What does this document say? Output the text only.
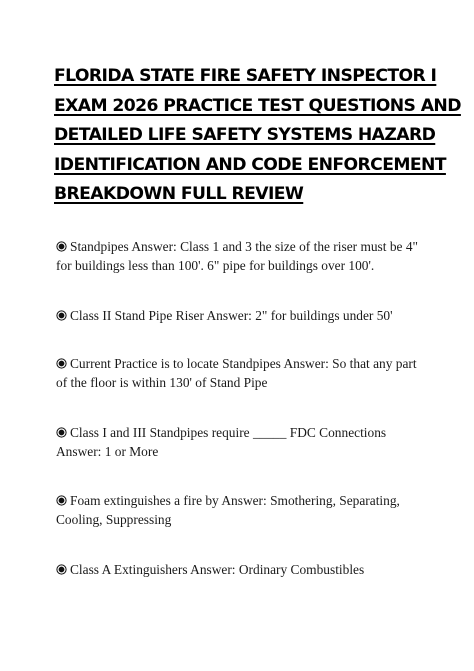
FLORIDA STATE FIRE SAFETY INSPECTOR I
EXAM 2026 PRACTICE TEST QUESTIONS AND
DETAILED LIFE SAFETY SYSTEMS HAZARD
IDENTIFICATION AND CODE ENFORCEMENT
BREAKDOWN FULL REVIEW

Standpipes Answer: Class 1 and 3 the size of the riser must be 4" for buildings less than 100'. 6" pipe for buildings over 100'.

Class II Stand Pipe Riser Answer: 2" for buildings under 50'

Current Practice is to locate Standpipes Answer: So that any part of the floor is within 130' of Stand Pipe

Class I and III Standpipes require _____ FDC Connections Answer: 1 or More

Foam extinguishes a fire by Answer: Smothering, Separating, Cooling, Suppressing

Class A Extinguishers Answer: Ordinary Combustibles
